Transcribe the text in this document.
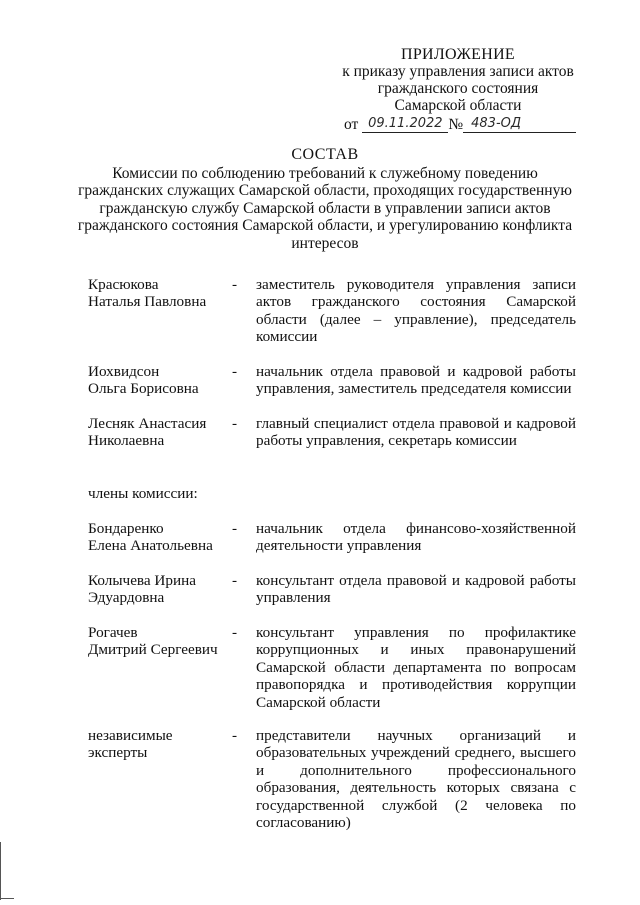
ПРИЛОЖЕНИЕ
к приказу управления записи актов
гражданского состояния
Самарской области
от 09.11.2022 № 483-ОД
СОСТАВ
Комиссии по соблюдению требований к служебному поведению
гражданских служащих Самарской области, проходящих государственную
гражданскую службу Самарской области в управлении записи актов
гражданского состояния Самарской области, и урегулированию конфликта
интересов
Красюкова
Наталья Павловна
-	заместитель руководителя управления записи актов гражданского состояния Самарской области (далее – управление), председатель комиссии
Иохвидсон
Ольга Борисовна
-	начальник отдела правовой и кадровой работы управления, заместитель председателя комиссии
Лесняк Анастасия
Николаевна
-	главный специалист отдела правовой и кадровой работы управления, секретарь комиссии
члены комиссии:
Бондаренко
Елена Анатольевна
-	начальник отдела финансово-хозяйственной деятельности управления
Колычева Ирина
Эдуардовна
-	консультант отдела правовой и кадровой работы управления
Рогачев
Дмитрий Сергеевич
-	консультант управления по профилактике коррупционных и иных правонарушений Самарской области департамента по вопросам правопорядка и противодействия коррупции Самарской области
независимые
эксперты
-	представители научных организаций и образовательных учреждений среднего, высшего и дополнительного профессионального образования, деятельность которых связана с государственной службой (2 человека по согласованию)
